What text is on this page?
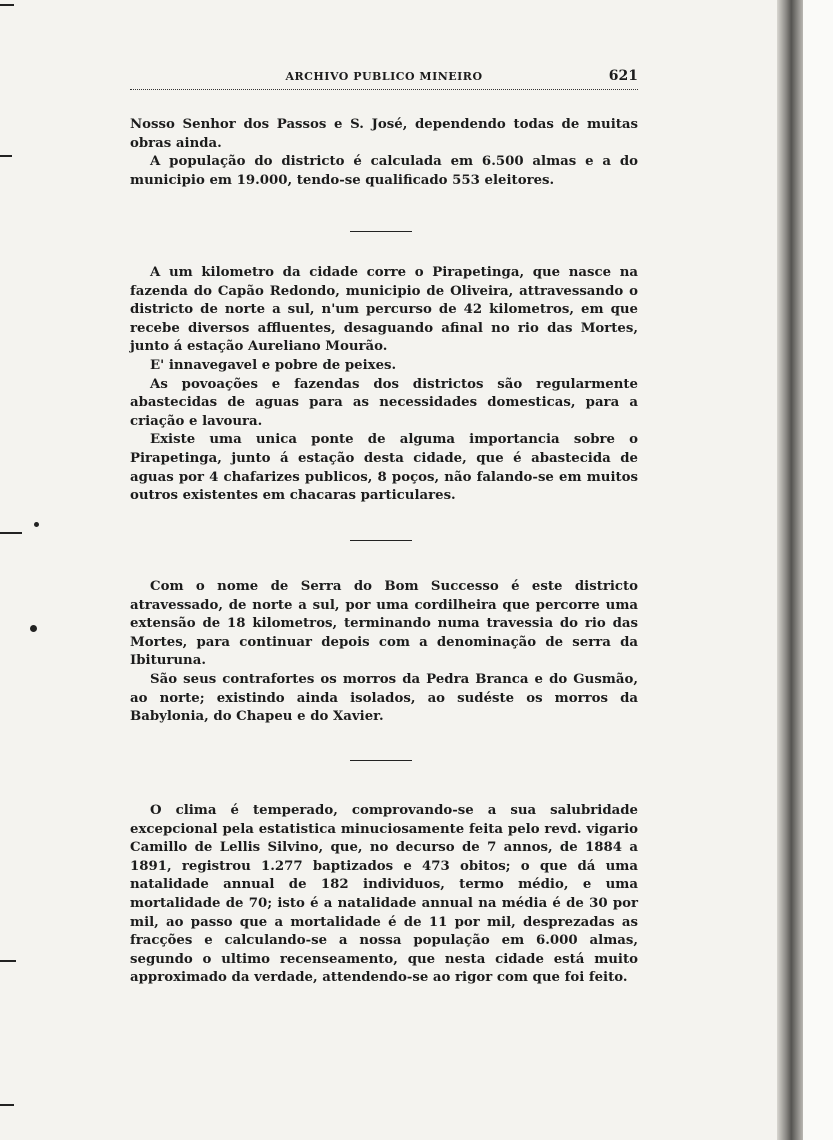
ARCHIVO PUBLICO MINEIRO	621

Nosso Senhor dos Passos e S. José, dependendo todas de muitas obras ainda.

A população do districto é calculada em 6.500 almas e a do municipio em 19.000, tendo-se qualificado 553 eleitores.

A um kilometro da cidade corre o Pirapetinga, que nasce na fazenda do Capão Redondo, municipio de Oliveira, attravessando o districto de norte a sul, n'um percurso de 42 kilometros, em que recebe diversos affluentes, desaguando afinal no rio das Mortes, junto á estação Aureliano Mourão.

E' innavegavel e pobre de peixes.

As povoações e fazendas dos districtos são regularmente abastecidas de aguas para as necessidades domesticas, para a criação e lavoura.

Existe uma unica ponte de alguma importancia sobre o Pirapetinga, junto á estação desta cidade, que é abastecida de aguas por 4 chafarizes publicos, 8 poços, não falando-se em muitos outros existentes em chacaras particulares.

Com o nome de Serra do Bom Successo é este districto atravessado, de norte a sul, por uma cordilheira que percorre uma extensão de 18 kilometros, terminando numa travessia do rio das Mortes, para continuar depois com a denominação de serra da Ibituruna.

São seus contrafortes os morros da Pedra Branca e do Gusmão, ao norte; existindo ainda isolados, ao sudéste os morros da Babylonia, do Chapeu e do Xavier.

O clima é temperado, comprovando-se a sua salubridade excepcional pela estatistica minuciosamente feita pelo revd. vigario Camillo de Lellis Silvino, que, no decurso de 7 annos, de 1884 a 1891, registrou 1.277 baptizados e 473 obitos; o que dá uma natalidade annual de 182 individuos, termo médio, e uma mortalidade de 70; isto é a natalidade annual na média é de 30 por mil, ao passo que a mortalidade é de 11 por mil, desprezadas as fracções e calculando-se a nossa população em 6.000 almas, segundo o ultimo recenseamento, que nesta cidade está muito approximado da verdade, attendendo-se ao rigor com que foi feito.
